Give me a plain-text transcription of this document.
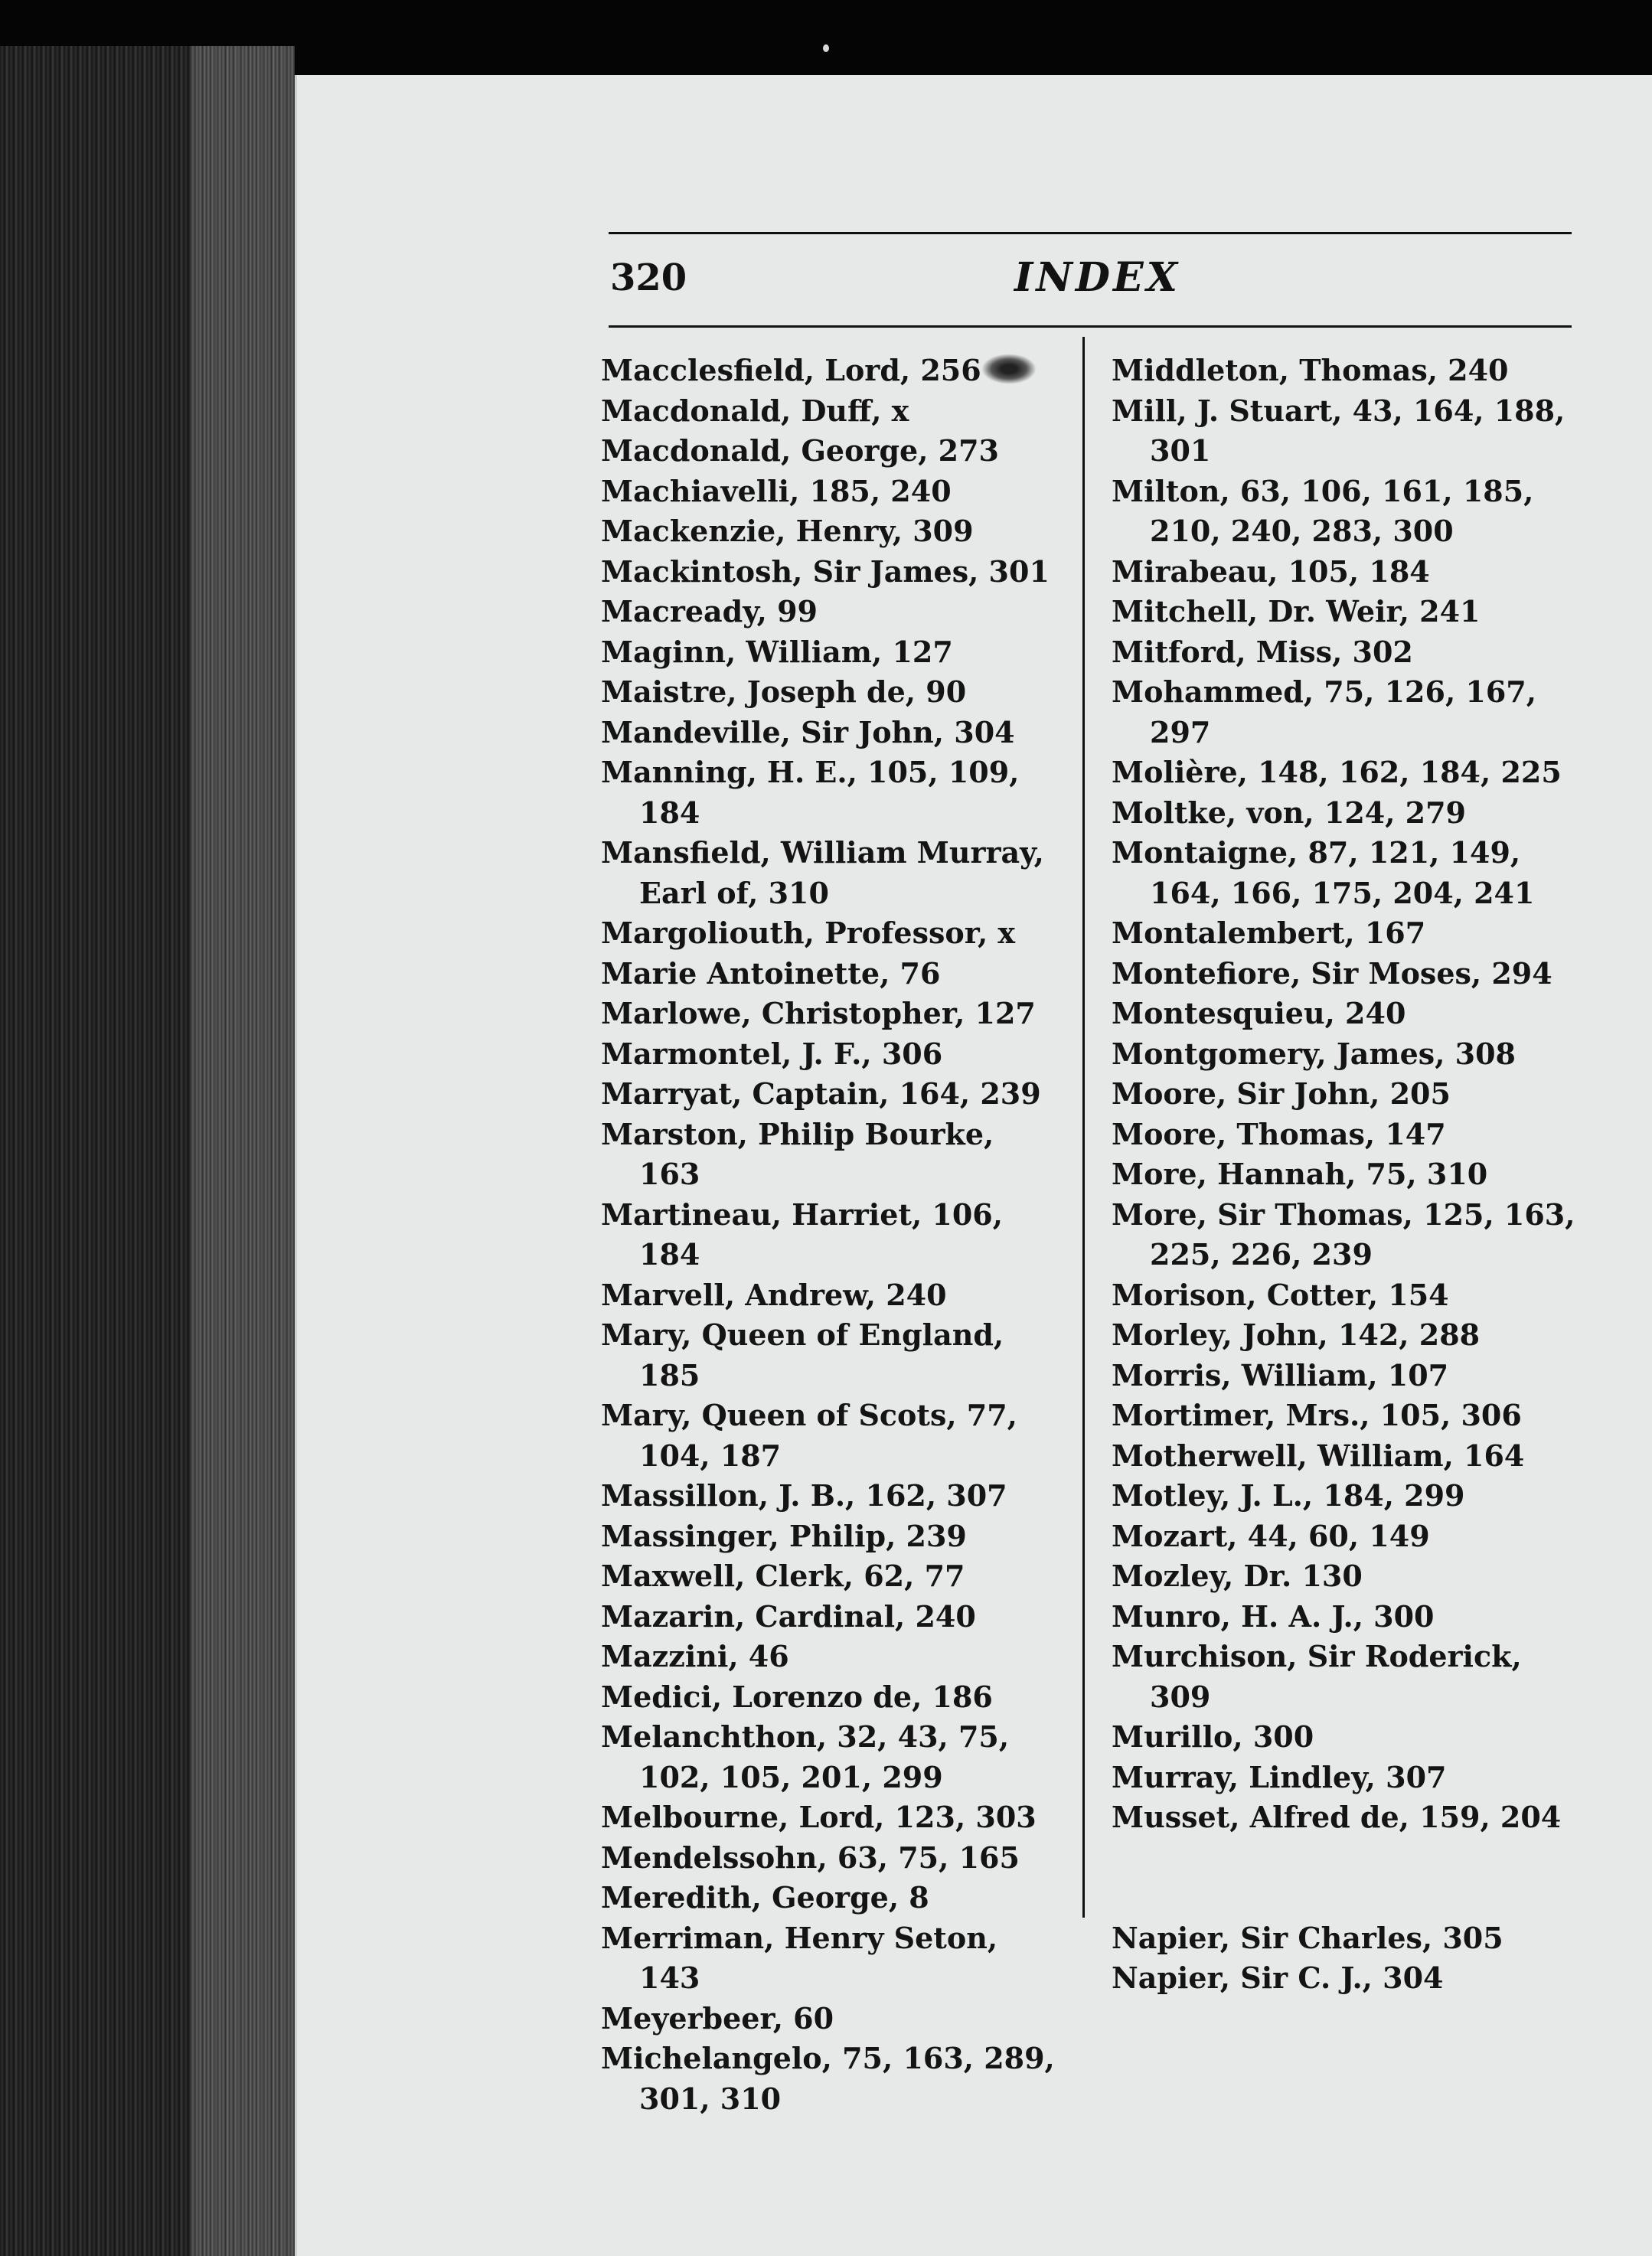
320	INDEX
Macclesfield, Lord, 256
Macdonald, Duff, x
Macdonald, George, 273
Machiavelli, 185, 240
Mackenzie, Henry, 309
Mackintosh, Sir James, 301
Macready, 99
Maginn, William, 127
Maistre, Joseph de, 90
Mandeville, Sir John, 304
Manning, H. E., 105, 109, 184
Mansfield, William Murray, Earl of, 310
Margoliouth, Professor, x
Marie Antoinette, 76
Marlowe, Christopher, 127
Marmontel, J. F., 306
Marryat, Captain, 164, 239
Marston, Philip Bourke, 163
Martineau, Harriet, 106, 184
Marvell, Andrew, 240
Mary, Queen of England, 185
Mary, Queen of Scots, 77, 104, 187
Massillon, J. B., 162, 307
Massinger, Philip, 239
Maxwell, Clerk, 62, 77
Mazarin, Cardinal, 240
Mazzini, 46
Medici, Lorenzo de, 186
Melanchthon, 32, 43, 75, 102, 105, 201, 299
Melbourne, Lord, 123, 303
Mendelssohn, 63, 75, 165
Meredith, George, 8
Merriman, Henry Seton, 143
Meyerbeer, 60
Michelangelo, 75, 163, 289, 301, 310
Middleton, Thomas, 240
Mill, J. Stuart, 43, 164, 188, 301
Milton, 63, 106, 161, 185, 210, 240, 283, 300
Mirabeau, 105, 184
Mitchell, Dr. Weir, 241
Mitford, Miss, 302
Mohammed, 75, 126, 167, 297
Molière, 148, 162, 184, 225
Moltke, von, 124, 279
Montaigne, 87, 121, 149, 164, 166, 175, 204, 241
Montalembert, 167
Montefiore, Sir Moses, 294
Montesquieu, 240
Montgomery, James, 308
Moore, Sir John, 205
Moore, Thomas, 147
More, Hannah, 75, 310
More, Sir Thomas, 125, 163, 225, 226, 239
Morison, Cotter, 154
Morley, John, 142, 288
Morris, William, 107
Mortimer, Mrs., 105, 306
Motherwell, William, 164
Motley, J. L., 184, 299
Mozart, 44, 60, 149
Mozley, Dr. 130
Munro, H. A. J., 300
Murchison, Sir Roderick, 309
Murillo, 300
Murray, Lindley, 307
Musset, Alfred de, 159, 204
Napier, Sir Charles, 305
Napier, Sir C. J., 304
